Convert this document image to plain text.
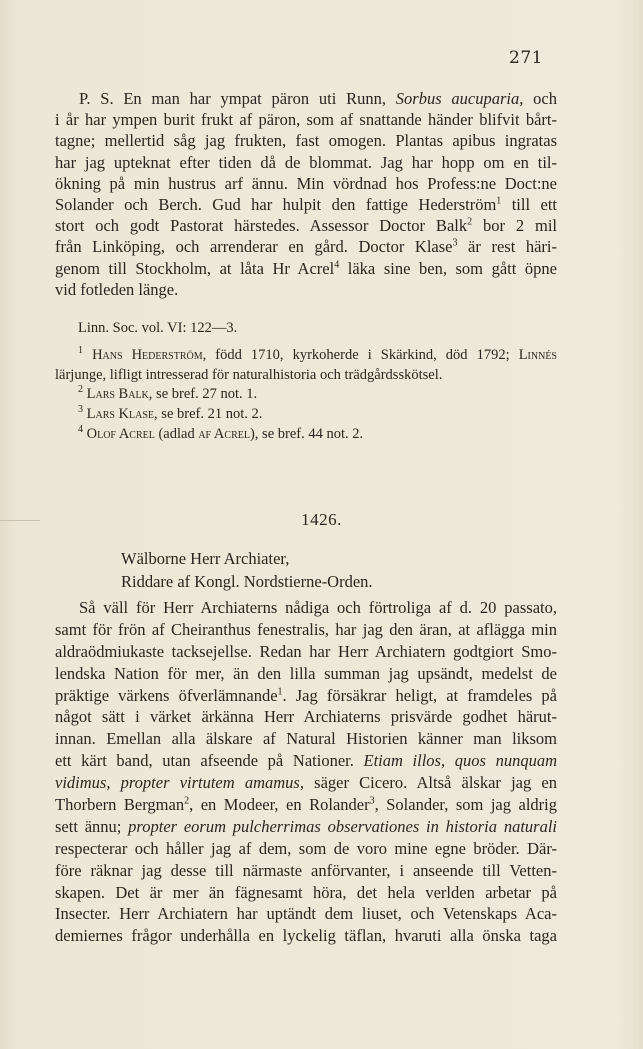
271
P. S. En man har ympat päron uti Runn, Sorbus aucuparia, och
i år har ympen burit frukt af päron, som af snattande händer blifvit bårt-
tagne; mellertid såg jag frukten, fast omogen. Plantas apibus ingratas
har jag upteknat efter tiden då de blommat. Jag har hopp om en til-
ökning på min hustrus arf ännu. Min vördnad hos Profess:ne Doct:ne
Solander och Berch. Gud har hulpit den fattige Hederström$^1$ till ett
stort och godt Pastorat härstedes. Assessor Doctor Balk$^2$ bor 2 mil
från Linköping, och arrenderar en gård. Doctor Klase$^3$ är rest häri-
genom till Stockholm, at låta Hr Acrel$^4$ läka sine ben, som gått öpne
vid fotleden länge.
Linn. Soc. vol. VI: 122—3.
$^1$ Hans Hederström, född 1710, kyrkoherde i Skärkind, död 1792; Linnés
lärjunge, lifligt intresserad för naturalhistoria och trädgårdsskötsel.
$^2$ Lars Balk, se bref. 27 not. 1.
$^3$ Lars Klase, se bref. 21 not. 2.
$^4$ Olof Acrel (adlad af Acrel), se bref. 44 not. 2.
1426.
Wälborne Herr Archiater,
Riddare af Kongl. Nordstierne-Orden.
Så väll för Herr Archiaterns nådiga och förtroliga af d. 20 passato,
samt för frön af Cheiranthus fenestralis, har jag den äran, at aflägga min
aldraödmiukaste tacksejellse. Redan har Herr Archiatern godtgiort Smo-
lendska Nation för mer, än den lilla summan jag upsändt, medelst de
präktige värkens öfverlämnande$^1$. Jag försäkrar heligt, at framdeles på
något sätt i värket ärkänna Herr Archiaterns prisvärde godhet härut-
innan. Emellan alla älskare af Natural Historien känner man liksom
ett kärt band, utan afseende på Nationer. Etiam illos, quos nunquam
vidimus, propter virtutem amamus, säger Cicero. Altså älskar jag en
Thorbern Bergman$^2$, en Modeer, en Rolander$^3$, Solander, som jag aldrig
sett ännu; propter eorum pulcherrimas observationes in historia naturali
respecterar och håller jag af dem, som de voro mine egne bröder. Där-
före räknar jag desse till närmaste anförvanter, i anseende till Vetten-
skapen. Det är mer än fägnesamt höra, det hela verlden arbetar på
Insecter. Herr Archiatern har uptändt dem liuset, och Vetenskaps Aca-
demiernes frågor underhålla en lyckelig täflan, hvaruti alla önska taga
